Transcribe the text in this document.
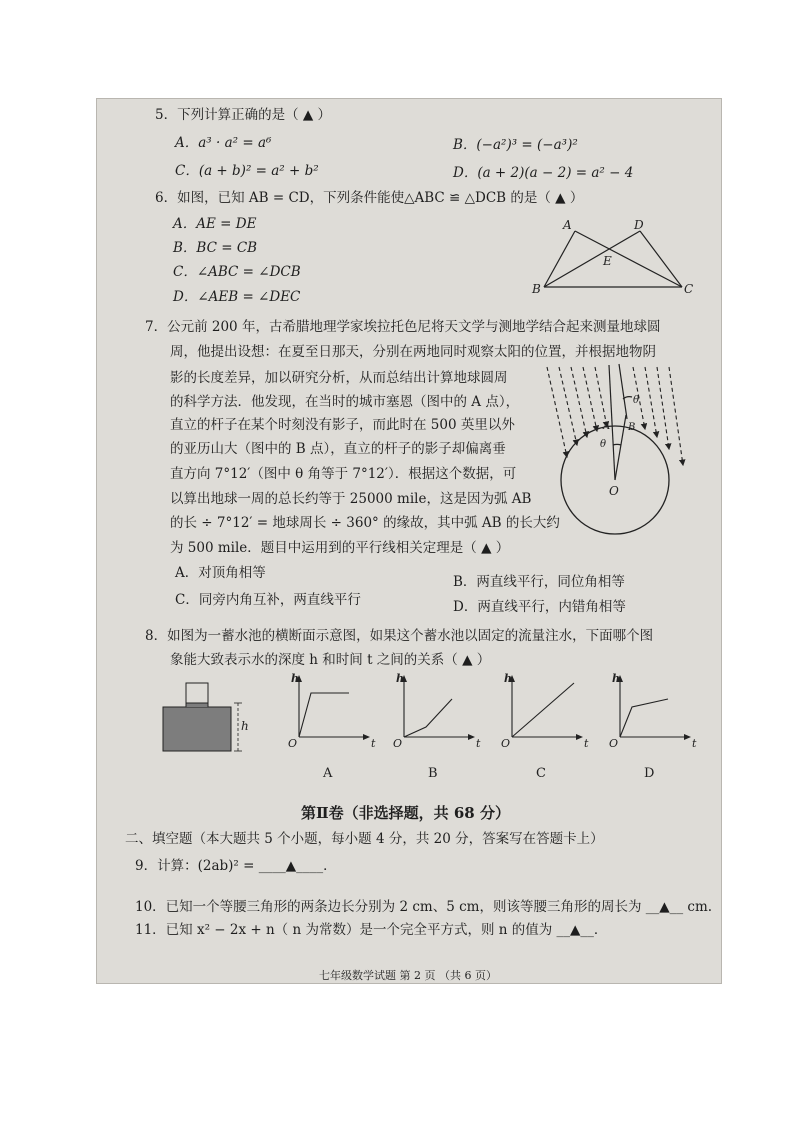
5．下列计算正确的是（ ▲ ）
A．a³ · a² = a⁶	B．(−a²)³ = (−a³)²
C．(a + b)² = a² + b²	D．(a + 2)(a − 2) = a² − 4
6．如图，已知 AB = CD，下列条件能使△ABC ≌ △DCB 的是（ ▲ ）
A．AE = DE
B．BC = CB
C．∠ABC = ∠DCB
D．∠AEB = ∠DEC
A	D
E
B	C
7．公元前 200 年，古希腊地理学家埃拉托色尼将天文学与测地学结合起来测量地球圆
周，他提出设想：在夏至日那天，分别在两地同时观察太阳的位置，并根据地物阴
影的长度差异，加以研究分析，从而总结出计算地球圆周
的科学方法．他发现，在当时的城市塞恩（图中的 A 点），
直立的杆子在某个时刻没有影子，而此时在 500 英里以外
的亚历山大（图中的 B 点），直立的杆子的影子却偏离垂
直方向 7°12′（图中 θ 角等于 7°12′）．根据这个数据，可
以算出地球一周的总长约等于 25000 mile，这是因为弧 AB
的长 ÷ 7°12′ = 地球周长 ÷ 360° 的缘故，其中弧 AB 的长大约
为 500 mile．题目中运用到的平行线相关定理是（ ▲ ）
A．对顶角相等
B．两直线平行，同位角相等
C．同旁内角互补，两直线平行	D．两直线平行，内错角相等
A B
θ
θ
O
8．如图为一蓄水池的横断面示意图，如果这个蓄水池以固定的流量注水，下面哪个图
象能大致表示水的深度 h 和时间 t 之间的关系（ ▲ ）
h
h
t
O
A
h
t
O
B
h
t
O
C
h
t
O
D
第Ⅱ卷（非选择题，共 68 分）
二、填空题（本大题共 5 个小题，每小题 4 分，共 20 分，答案写在答题卡上）
9．计算：(2ab)² = ____▲____．
10．已知一个等腰三角形的两条边长分别为 2 cm、5 cm，则该等腰三角形的周长为 __▲__ cm.
11．已知 x² − 2x + n（ n 为常数）是一个完全平方式，则 n 的值为 __▲__．
七年级数学试题 第 2 页 （共 6 页）
